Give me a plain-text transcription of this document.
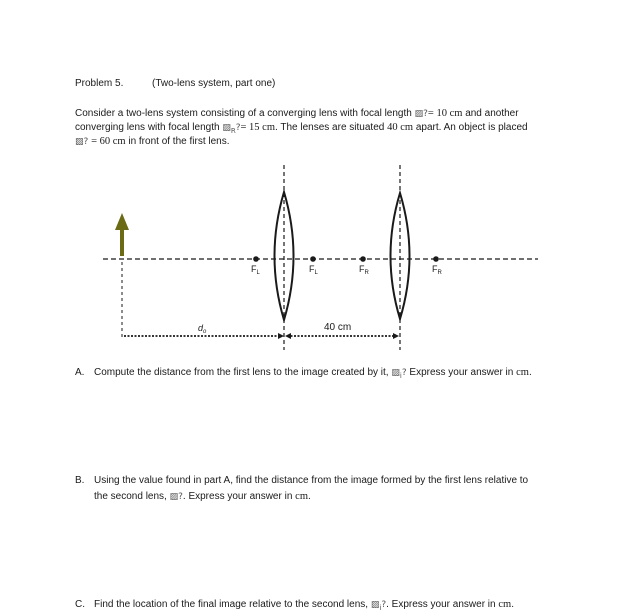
Problem 5.	(Two-lens system, part one)
Consider a two-lens system consisting of a converging lens with focal length ▨?= 10 cm and another
converging lens with focal length $▨_R?= 15$ cm. The lenses are situated 40 cm apart. An object is placed
▨? = 60 cm in front of the first lens.
$F_L$	$F_L$	$F_R$	$F_R$
$d_o$	40 cm
A. Compute the distance from the first lens to the image created by it, $▨_i$? Express your answer in cm.
B. Using the value found in part A, find the distance from the image formed by the first lens relative to
the second lens, ▨?. Express your answer in cm.
C. Find the location of the final image relative to the second lens, $▨_i$?. Express your answer in cm.
